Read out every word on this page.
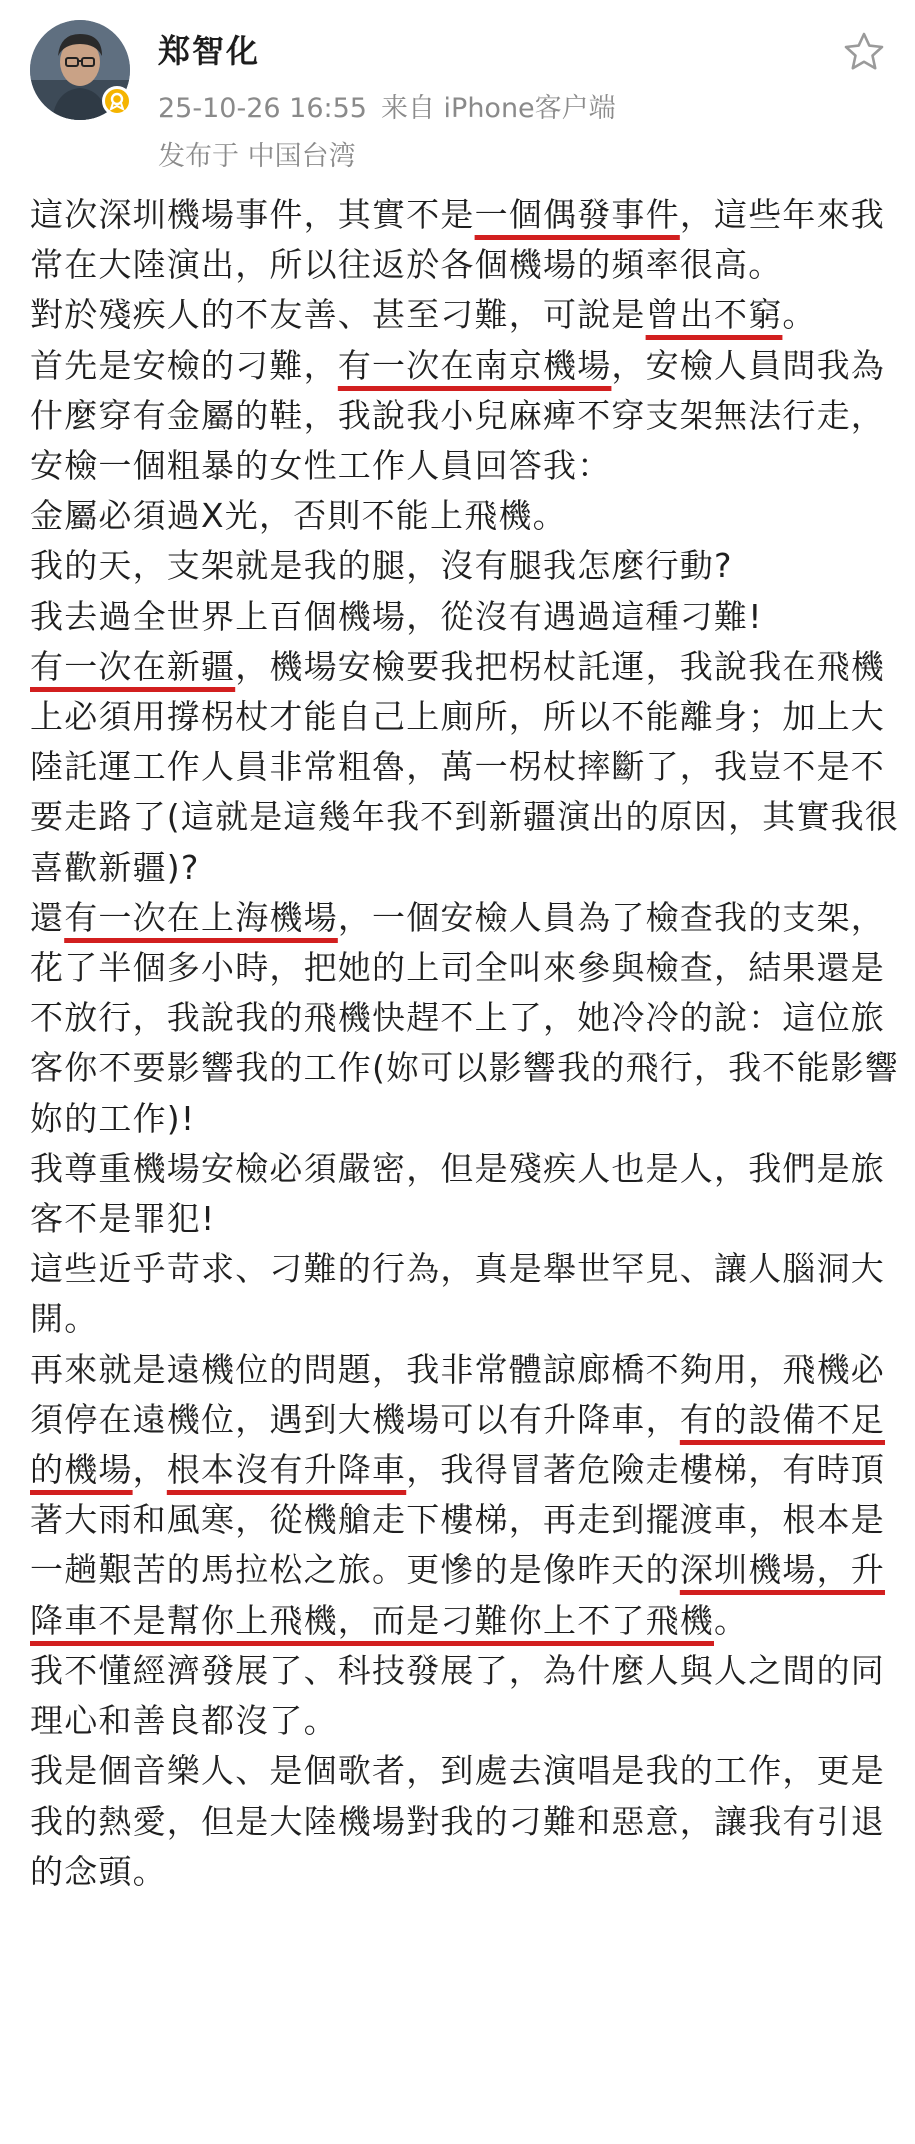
郑智化
25-10-26 16:55 来自 iPhone客户端
发布于 中国台湾

這次深圳機場事件，其實不是一個偶發事件，這些年來我常在大陸演出，所以往返於各個機場的頻率很高。

對於殘疾人的不友善、甚至刁難，可說是曾出不窮。

首先是安檢的刁難，有一次在南京機場，安檢人員問我為什麼穿有金屬的鞋，我說我小兒麻痺不穿支架無法行走，安檢一個粗暴的女性工作人員回答我：

金屬必須過X光，否則不能上飛機。

我的天，支架就是我的腿，沒有腿我怎麼行動?

我去過全世界上百個機場，從沒有遇過這種刁難!

有一次在新疆，機場安檢要我把柺杖託運，我說我在飛機上必須用撐柺杖才能自己上廁所，所以不能離身；加上大陸託運工作人員非常粗魯，萬一柺杖摔斷了，我豈不是不要走路了(這就是這幾年我不到新疆演出的原因，其實我很喜歡新疆)?

還有一次在上海機場，一個安檢人員為了檢查我的支架，花了半個多小時，把她的上司全叫來參與檢查，結果還是不放行，我說我的飛機快趕不上了，她冷冷的說：這位旅客你不要影響我的工作(妳可以影響我的飛行，我不能影響妳的工作)!

我尊重機場安檢必須嚴密，但是殘疾人也是人，我們是旅客不是罪犯!

這些近乎苛求、刁難的行為，真是舉世罕見、讓人腦洞大開。

再來就是遠機位的問題，我非常體諒廊橋不夠用，飛機必須停在遠機位，遇到大機場可以有升降車，有的設備不足的機場，根本沒有升降車，我得冒著危險走樓梯，有時頂著大雨和風寒，從機艙走下樓梯，再走到擺渡車，根本是一趟艱苦的馬拉松之旅。更慘的是像昨天的深圳機場，升降車不是幫你上飛機，而是刁難你上不了飛機。

我不懂經濟發展了、科技發展了，為什麼人與人之間的同理心和善良都沒了。

我是個音樂人、是個歌者，到處去演唱是我的工作，更是我的熱愛，但是大陸機場對我的刁難和惡意，讓我有引退的念頭。
